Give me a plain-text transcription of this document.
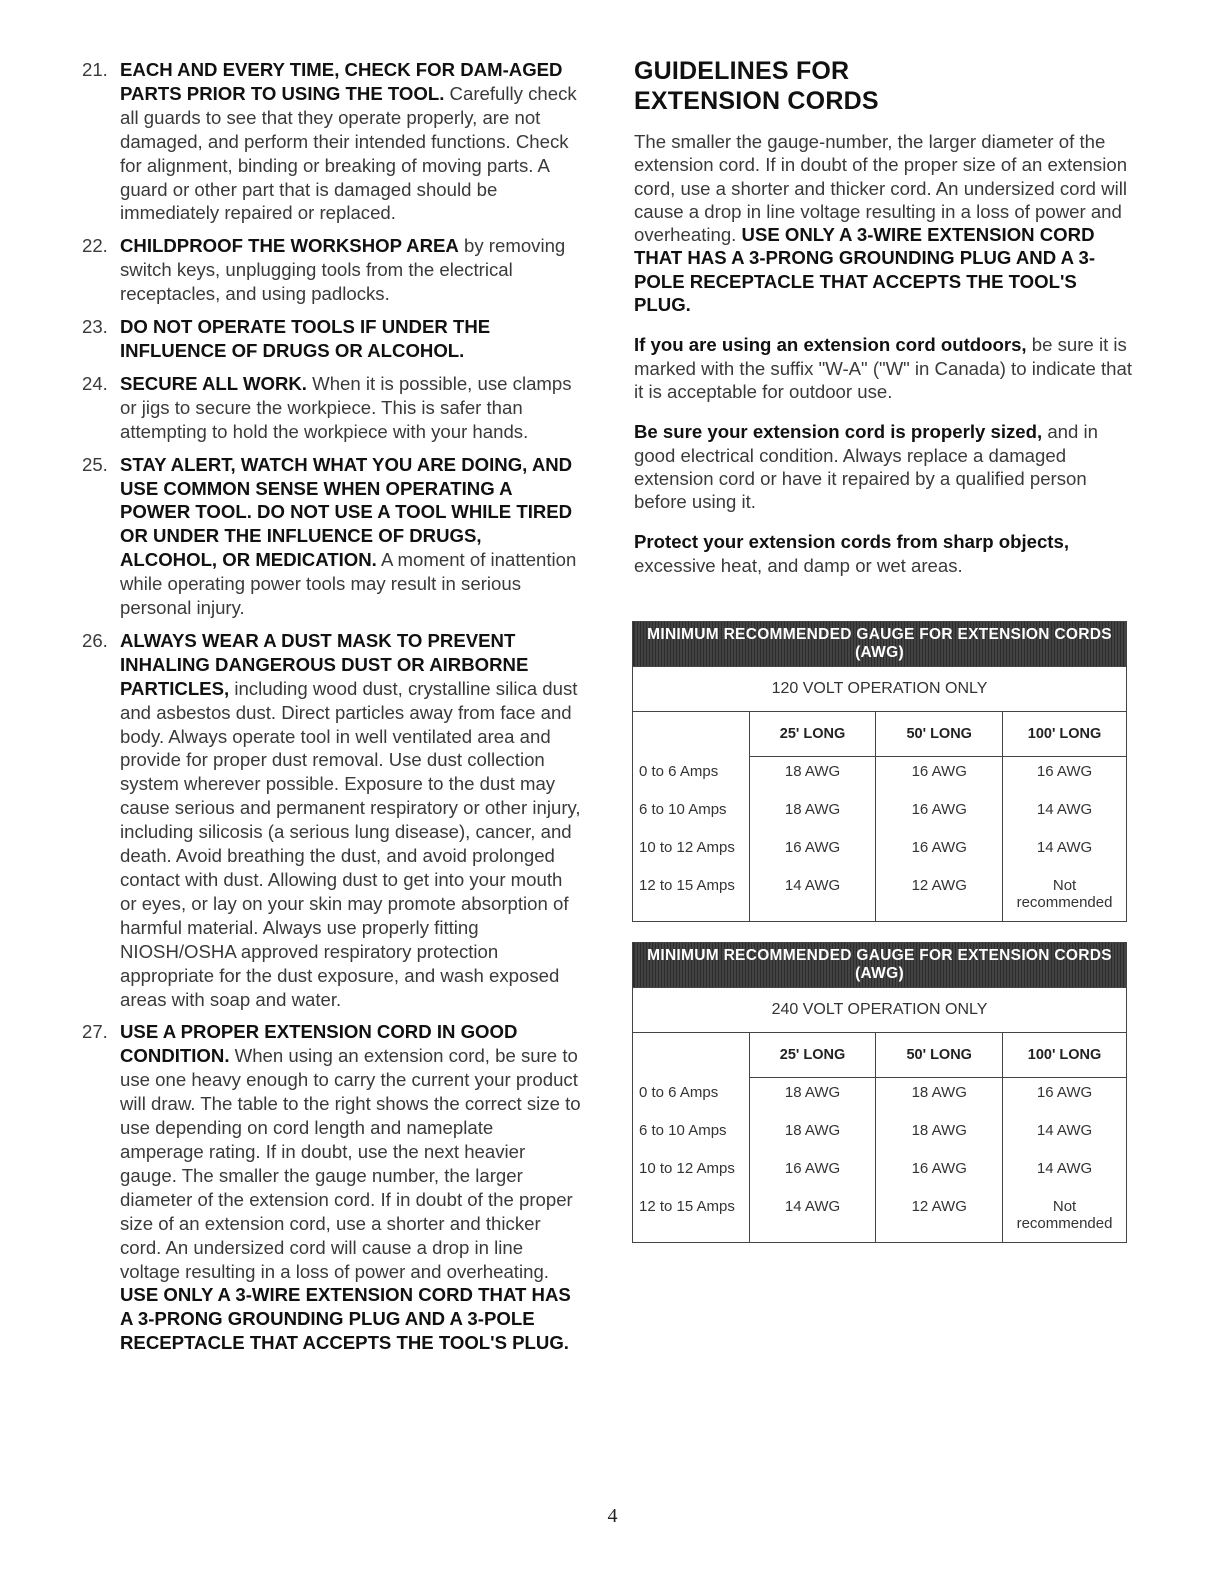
21. EACH AND EVERY TIME, CHECK FOR DAM-AGED PARTS PRIOR TO USING THE TOOL. Carefully check all guards to see that they operate properly, are not damaged, and perform their intended functions. Check for alignment, binding or breaking of moving parts. A guard or other part that is damaged should be immediately repaired or replaced.
22. CHILDPROOF THE WORKSHOP AREA by removing switch keys, unplugging tools from the electrical receptacles, and using padlocks.
23. DO NOT OPERATE TOOLS IF UNDER THE INFLUENCE OF DRUGS OR ALCOHOL.
24. SECURE ALL WORK. When it is possible, use clamps or jigs to secure the workpiece. This is safer than attempting to hold the workpiece with your hands.
25. STAY ALERT, WATCH WHAT YOU ARE DOING, AND USE COMMON SENSE WHEN OPERATING A POWER TOOL. DO NOT USE A TOOL WHILE TIRED OR UNDER THE INFLUENCE OF DRUGS, ALCOHOL, OR MEDICATION. A moment of inattention while operating power tools may result in serious personal injury.
26. ALWAYS WEAR A DUST MASK TO PREVENT INHALING DANGEROUS DUST OR AIRBORNE PARTICLES, including wood dust, crystalline silica dust and asbestos dust. Direct particles away from face and body. Always operate tool in well ventilated area and provide for proper dust removal. Use dust collection system wherever possible. Exposure to the dust may cause serious and permanent respiratory or other injury, including silicosis (a serious lung disease), cancer, and death. Avoid breathing the dust, and avoid prolonged contact with dust. Allowing dust to get into your mouth or eyes, or lay on your skin may promote absorption of harmful material. Always use properly fitting NIOSH/OSHA approved respiratory protection appropriate for the dust exposure, and wash exposed areas with soap and water.
27. USE A PROPER EXTENSION CORD IN GOOD CONDITION. When using an extension cord, be sure to use one heavy enough to carry the current your product will draw. The table to the right shows the correct size to use depending on cord length and nameplate amperage rating. If in doubt, use the next heavier gauge. The smaller the gauge number, the larger diameter of the extension cord. If in doubt of the proper size of an extension cord, use a shorter and thicker cord. An undersized cord will cause a drop in line voltage resulting in a loss of power and overheating. USE ONLY A 3-WIRE EXTENSION CORD THAT HAS A 3-PRONG GROUNDING PLUG AND A 3-POLE RECEPTACLE THAT ACCEPTS THE TOOL'S PLUG.
GUIDELINES FOR
EXTENSION CORDS

The smaller the gauge-number, the larger diameter of the extension cord. If in doubt of the proper size of an extension cord, use a shorter and thicker cord. An undersized cord will cause a drop in line voltage resulting in a loss of power and overheating. USE ONLY A 3-WIRE EXTENSION CORD THAT HAS A 3-PRONG GROUNDING PLUG AND A 3-POLE RECEPTACLE THAT ACCEPTS THE TOOL'S PLUG.

If you are using an extension cord outdoors, be sure it is marked with the suffix "W-A" ("W" in Canada) to indicate that it is acceptable for outdoor use.

Be sure your extension cord is properly sized, and in good electrical condition. Always replace a damaged extension cord or have it repaired by a qualified person before using it.

Protect your extension cords from sharp objects, excessive heat, and damp or wet areas.

MINIMUM RECOMMENDED GAUGE FOR EXTENSION CORDS (AWG)			
120 VOLT OPERATION ONLY			
	25' LONG	50' LONG	100' LONG
0 to 6 Amps	18 AWG	16 AWG	16 AWG
6 to 10 Amps	18 AWG	16 AWG	14 AWG
10 to 12 Amps	16 AWG	16 AWG	14 AWG
12 to 15 Amps	14 AWG	12 AWG	Not recommended
MINIMUM RECOMMENDED GAUGE FOR EXTENSION CORDS (AWG)			
240 VOLT OPERATION ONLY			
	25' LONG	50' LONG	100' LONG
0 to 6 Amps	18 AWG	18 AWG	16 AWG
6 to 10 Amps	18 AWG	18 AWG	14 AWG
10 to 12 Amps	16 AWG	16 AWG	14 AWG
12 to 15 Amps	14 AWG	12 AWG	Not recommended
4
